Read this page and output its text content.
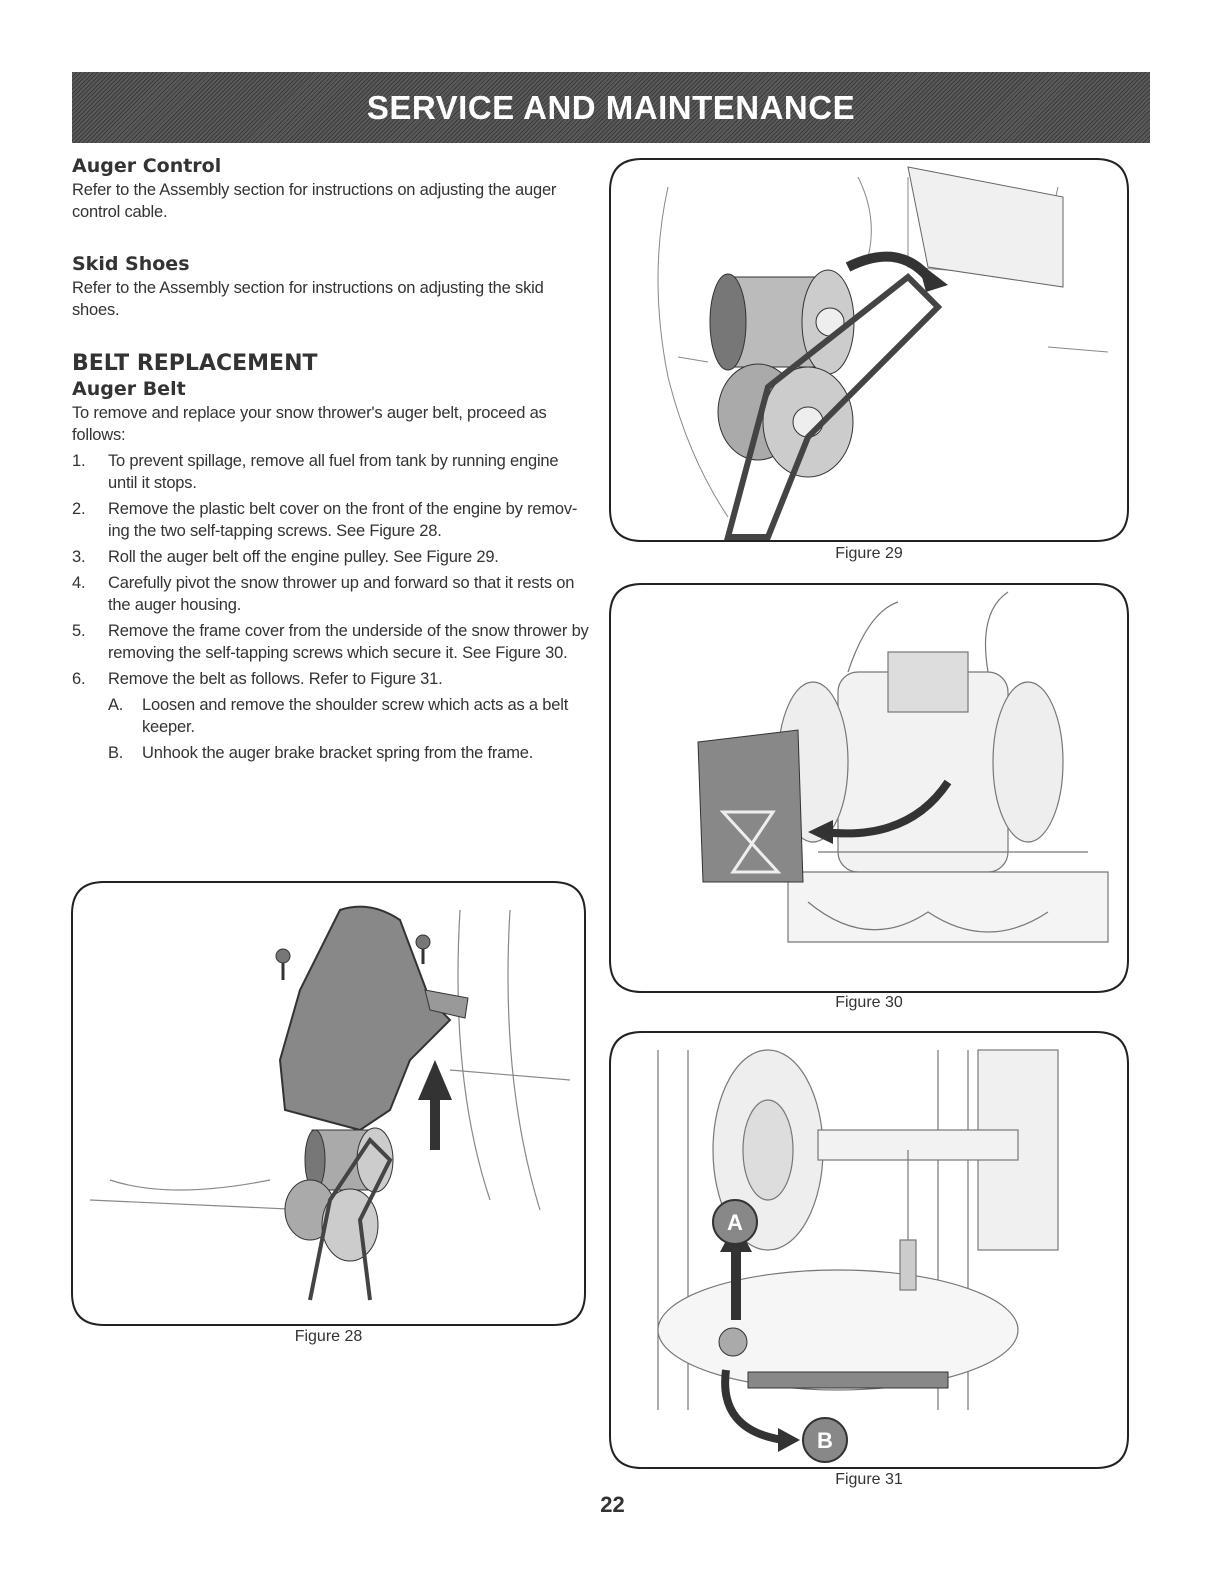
SERVICE AND MAINTENANCE
Auger Control

Refer to the Assembly section for instructions on adjusting the auger control cable.

Skid Shoes

Refer to the Assembly section for instructions on adjusting the skid shoes.

BELT REPLACEMENT
Auger Belt

To remove and replace your snow thrower's auger belt, proceed as follows:

1. To prevent spillage, remove all fuel from tank by running engine until it stops.
2. Remove the plastic belt cover on the front of the engine by remov-ing the two self-tapping screws. See Figure 28.
3. Roll the auger belt off the engine pulley. See Figure 29.
4. Carefully pivot the snow thrower up and forward so that it rests on the auger housing.
5. Remove the frame cover from the underside of the snow thrower by removing the self-tapping screws which secure it. See Figure 30.
6. Remove the belt as follows. Refer to Figure 31.
A. Loosen and remove the shoulder screw which acts as a belt keeper.
B. Unhook the auger brake bracket spring from the frame.
Figure 29
Figure 30
A
B
Figure 31
Figure 28
22
